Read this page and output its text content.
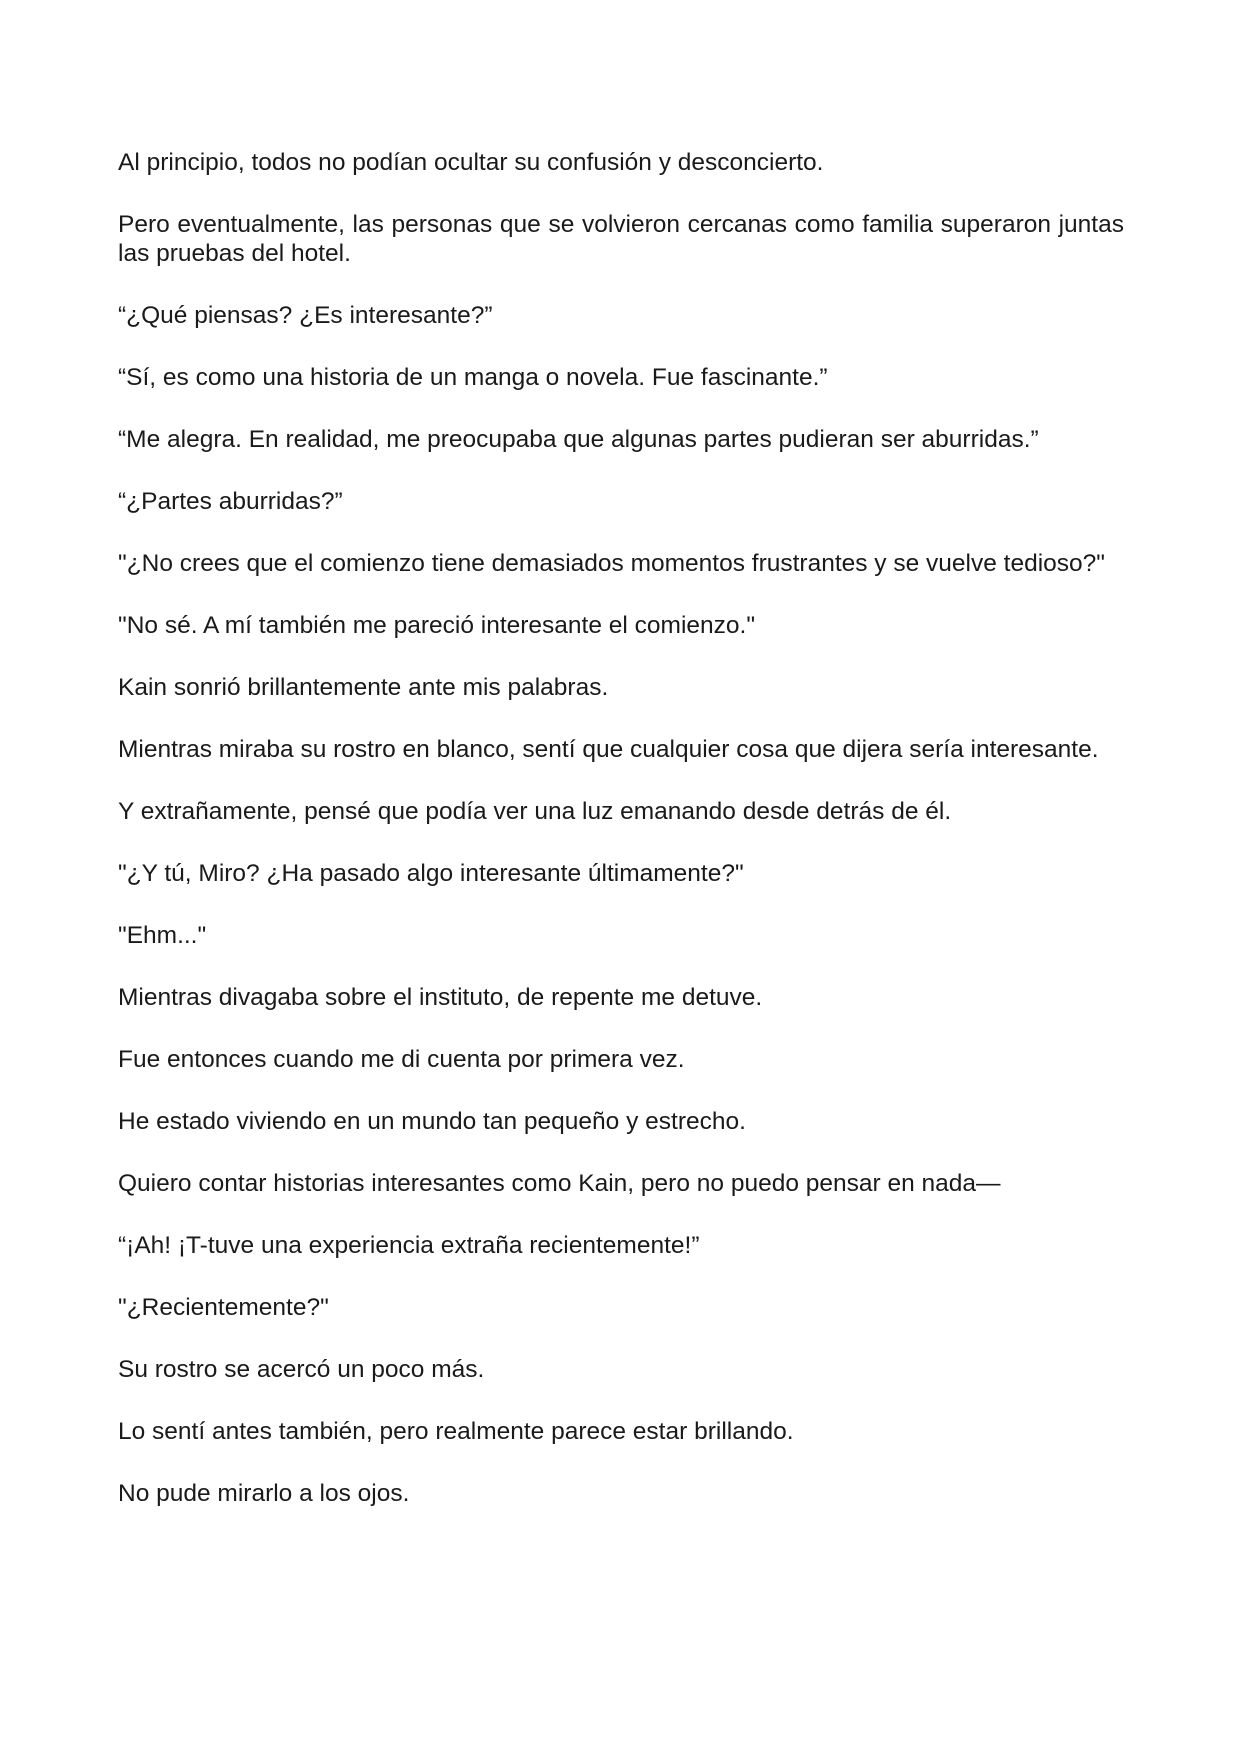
Al principio, todos no podían ocultar su confusión y desconcierto.

Pero eventualmente, las personas que se volvieron cercanas como familia superaron juntas las pruebas del hotel.

“¿Qué piensas? ¿Es interesante?”

“Sí, es como una historia de un manga o novela. Fue fascinante.”

“Me alegra. En realidad, me preocupaba que algunas partes pudieran ser aburridas.”

“¿Partes aburridas?”

"¿No crees que el comienzo tiene demasiados momentos frustrantes y se vuelve tedioso?"

"No sé. A mí también me pareció interesante el comienzo."

Kain sonrió brillantemente ante mis palabras.

Mientras miraba su rostro en blanco, sentí que cualquier cosa que dijera sería interesante.

Y extrañamente, pensé que podía ver una luz emanando desde detrás de él.

"¿Y tú, Miro? ¿Ha pasado algo interesante últimamente?"

"Ehm..."

Mientras divagaba sobre el instituto, de repente me detuve.

Fue entonces cuando me di cuenta por primera vez.

He estado viviendo en un mundo tan pequeño y estrecho.

Quiero contar historias interesantes como Kain, pero no puedo pensar en nada—

“¡Ah! ¡T-tuve una experiencia extraña recientemente!”

"¿Recientemente?"

Su rostro se acercó un poco más.

Lo sentí antes también, pero realmente parece estar brillando.

No pude mirarlo a los ojos.
